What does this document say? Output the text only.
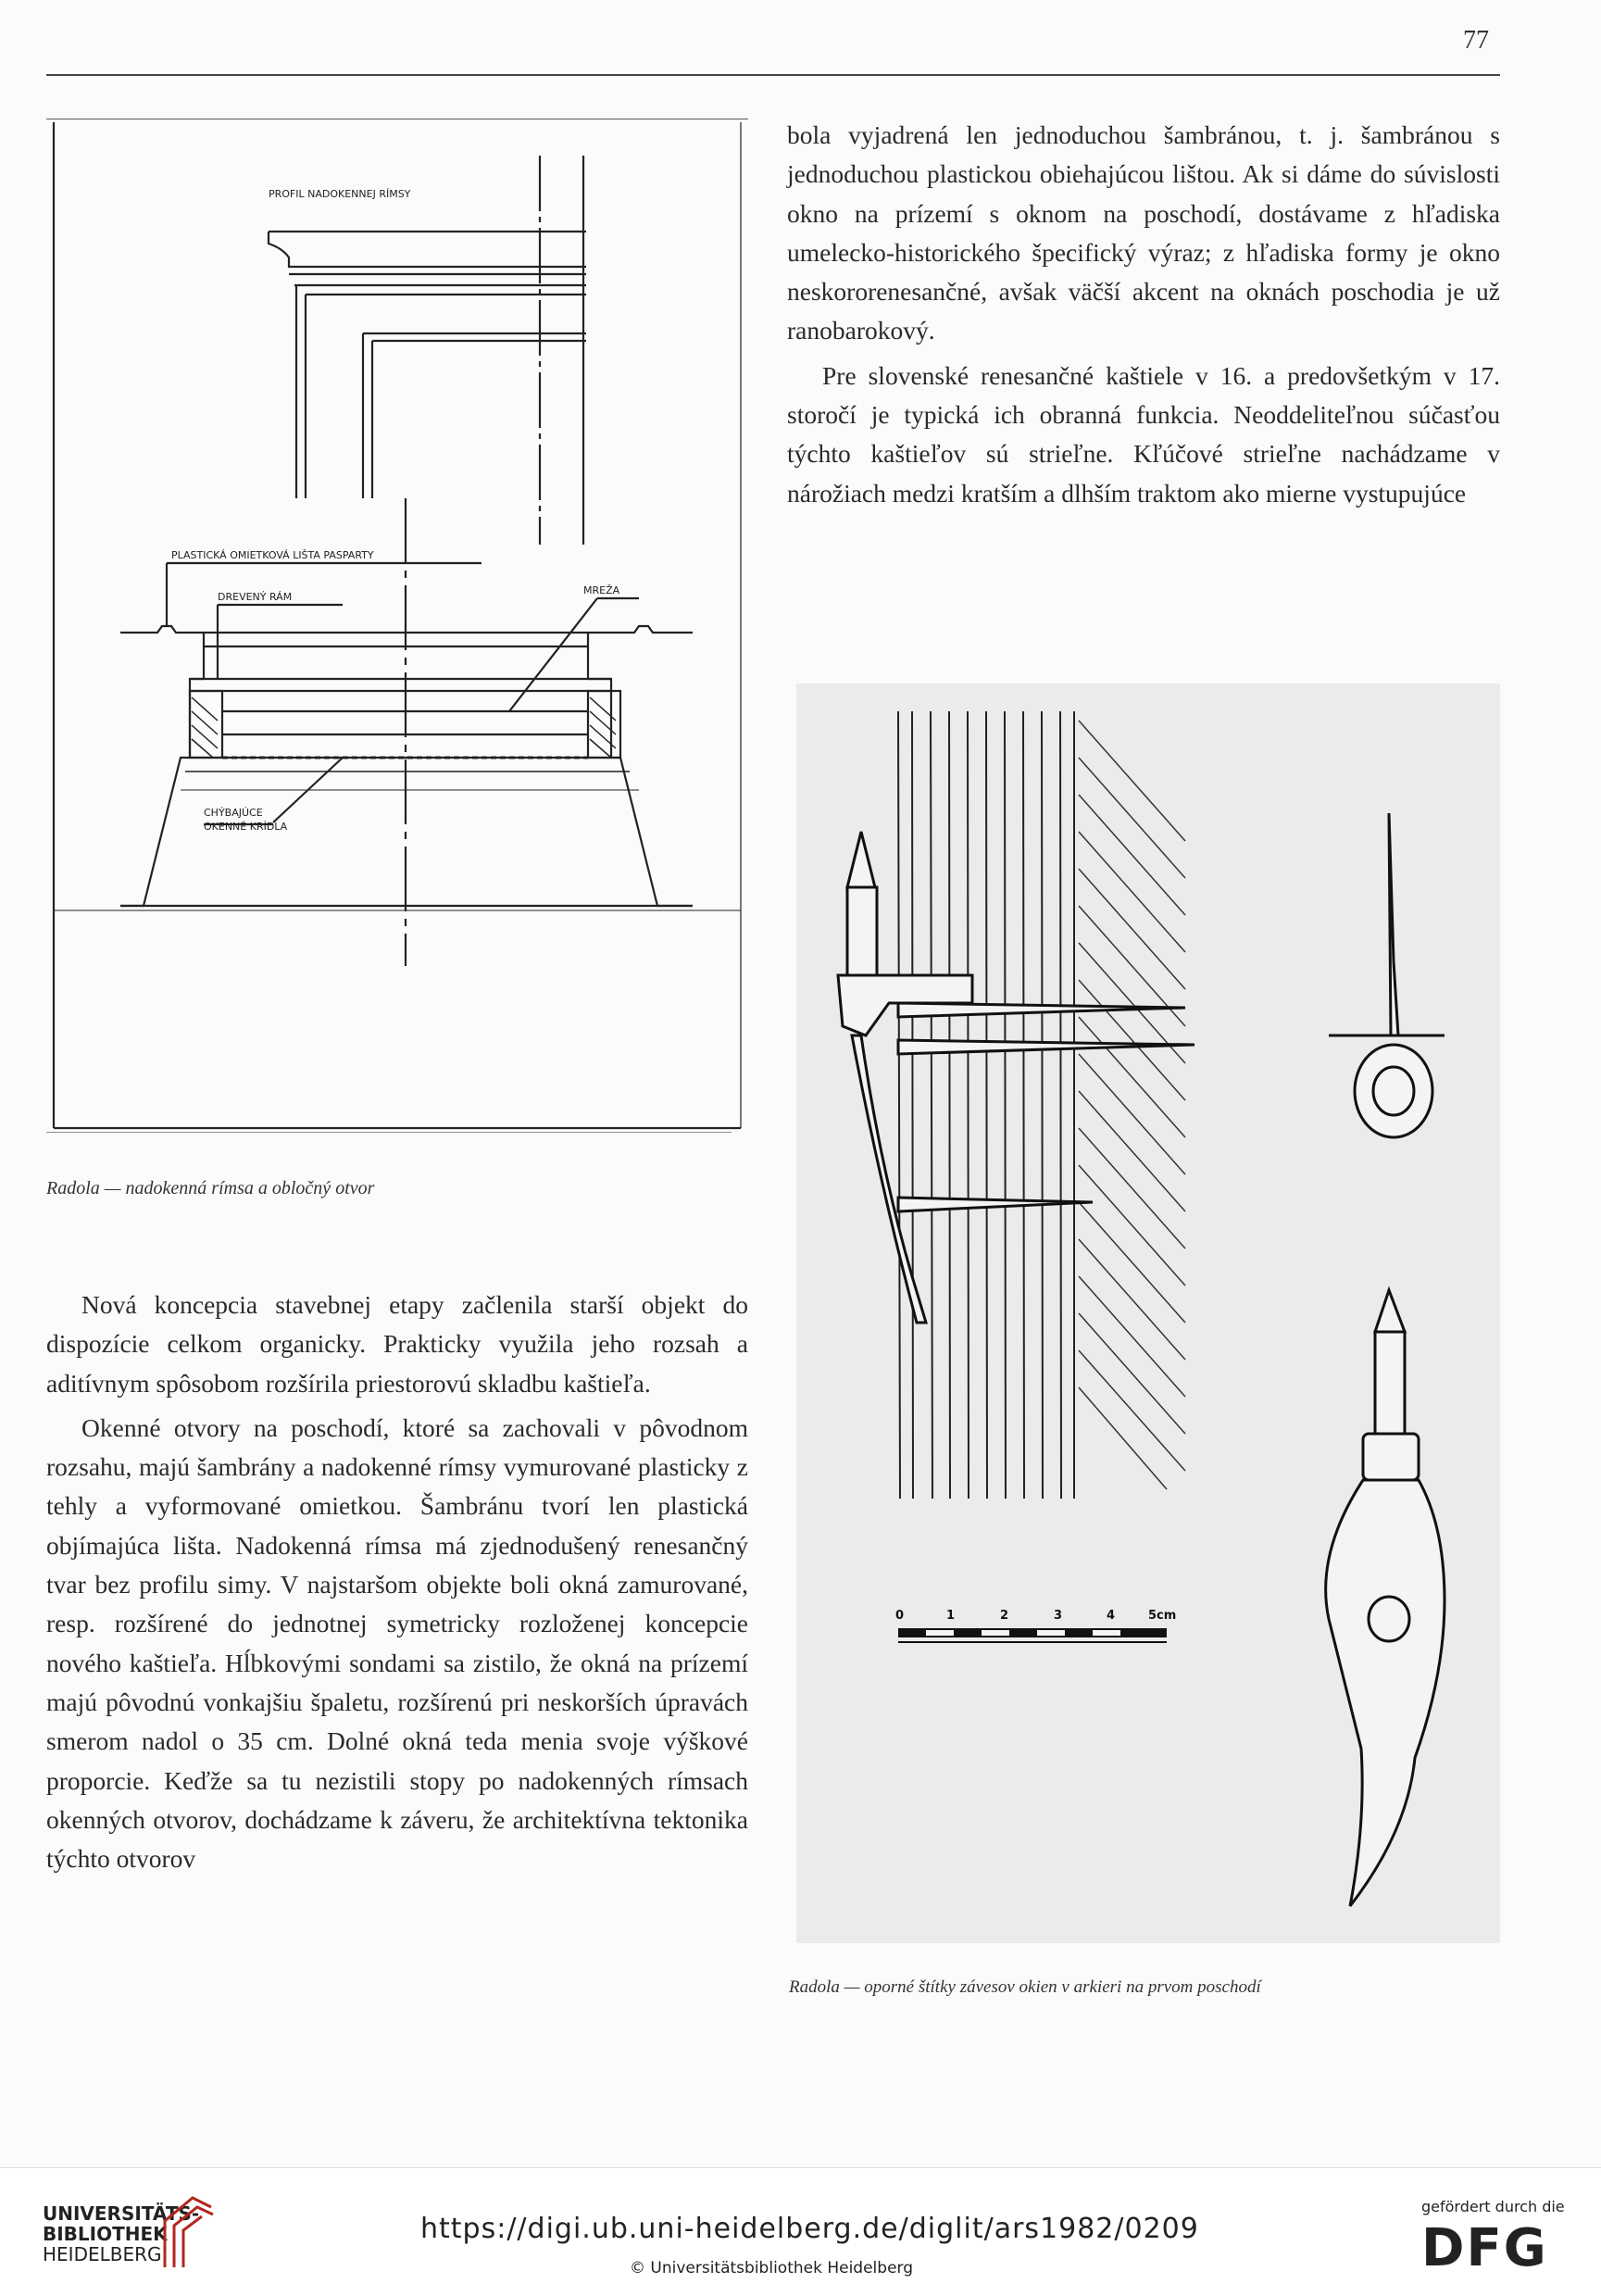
77
PROFIL NADOKENNEJ RÍMSY
PLASTICKÁ OMIETKOVÁ LIŠTA PASPARTY
DREVENÝ RÁM
MREŽA
CHÝBAJÚCE
OKENNÉ KRÍDLA
Radola — nadokenná rímsa a obločný otvor

bola vyjadrená len jednoduchou šambránou, t. j. šambránou s jednoduchou plastickou obiehajúcou lištou. Ak si dáme do súvislosti okno na prízemí s oknom na poschodí, dostávame z hľadiska umelecko-historického špecifický výraz; z hľadiska formy je okno neskororenesančné, avšak väčší akcent na oknách poschodia je už ranobarokový.

Pre slovenské renesančné kaštiele v 16. a predovšetkým v 17. storočí je typická ich obranná funkcia. Neoddeliteľnou súčasťou týchto kaštieľov sú strieľne. Kľúčové strieľne nachádzame v nárožiach medzi kratším a dlhším traktom ako mierne vystupujúce

0	1	2	3	4	5cm
Radola — oporné štítky závesov okien v arkieri na prvom poschodí

Nová koncepcia stavebnej etapy začlenila starší objekt do dispozície celkom organicky. Prakticky využila jeho rozsah a aditívnym spôsobom rozšírila priestorovú skladbu kaštieľa.

Okenné otvory na poschodí, ktoré sa zachovali v pôvodnom rozsahu, majú šambrány a nadokenné rímsy vymurované plasticky z tehly a vyformované omietkou. Šambránu tvorí len plastická objímajúca lišta. Nadokenná rímsa má zjednodušený renesančný tvar bez profilu simy. V najstaršom objekte boli okná zamurované, resp. rozšírené do jednotnej symetricky rozloženej koncepcie nového kaštieľa. Hĺbkovými sondami sa zistilo, že okná na prízemí majú pôvodnú vonkajšiu špaletu, rozšírenú pri neskorších úpravách smerom nadol o 35 cm. Dolné okná teda menia svoje výškové proporcie. Keďže sa tu nezistili stopy po nadokenných rímsach okenných otvorov, dochádzame k záveru, že architektívna tektonika týchto otvorov

UNIVERSITÄTS-
BIBLIOTHEK
HEIDELBERG
https://digi.ub.uni-heidelberg.de/diglit/ars1982/0209
© Universitätsbibliothek Heidelberg
gefördert durch die
DFG
